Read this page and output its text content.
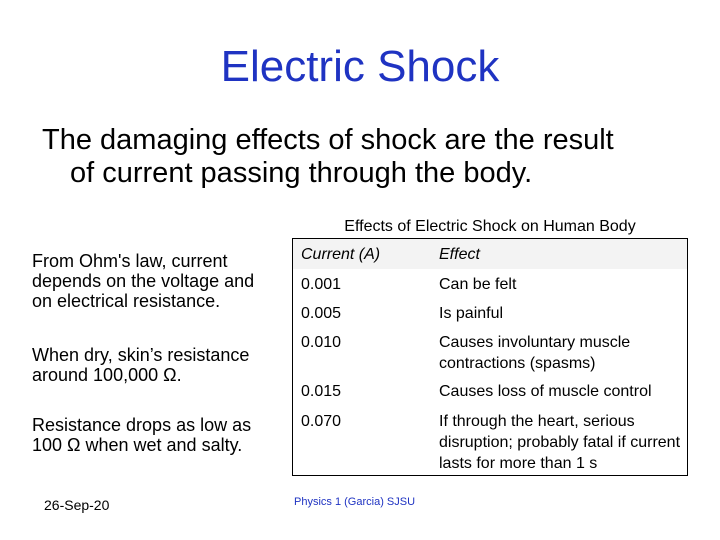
Electric Shock
The damaging effects of shock are the result
of current passing through the body.
From Ohm's law, current
depends on the voltage and
on electrical resistance.
When dry, skin’s resistance
around 100,000 Ω.
Resistance drops as low as
100 Ω when wet and salty.
Effects of Electric Shock on Human Body
Current (A)	Effect
0.001	Can be felt
0.005	Is painful
0.010	Causes involuntary muscle contractions (spasms)
0.015	Causes loss of muscle control
0.070	If through the heart, serious disruption; probably fatal if current lasts for more than 1 s
26-Sep-20	Physics 1 (Garcia) SJSU
